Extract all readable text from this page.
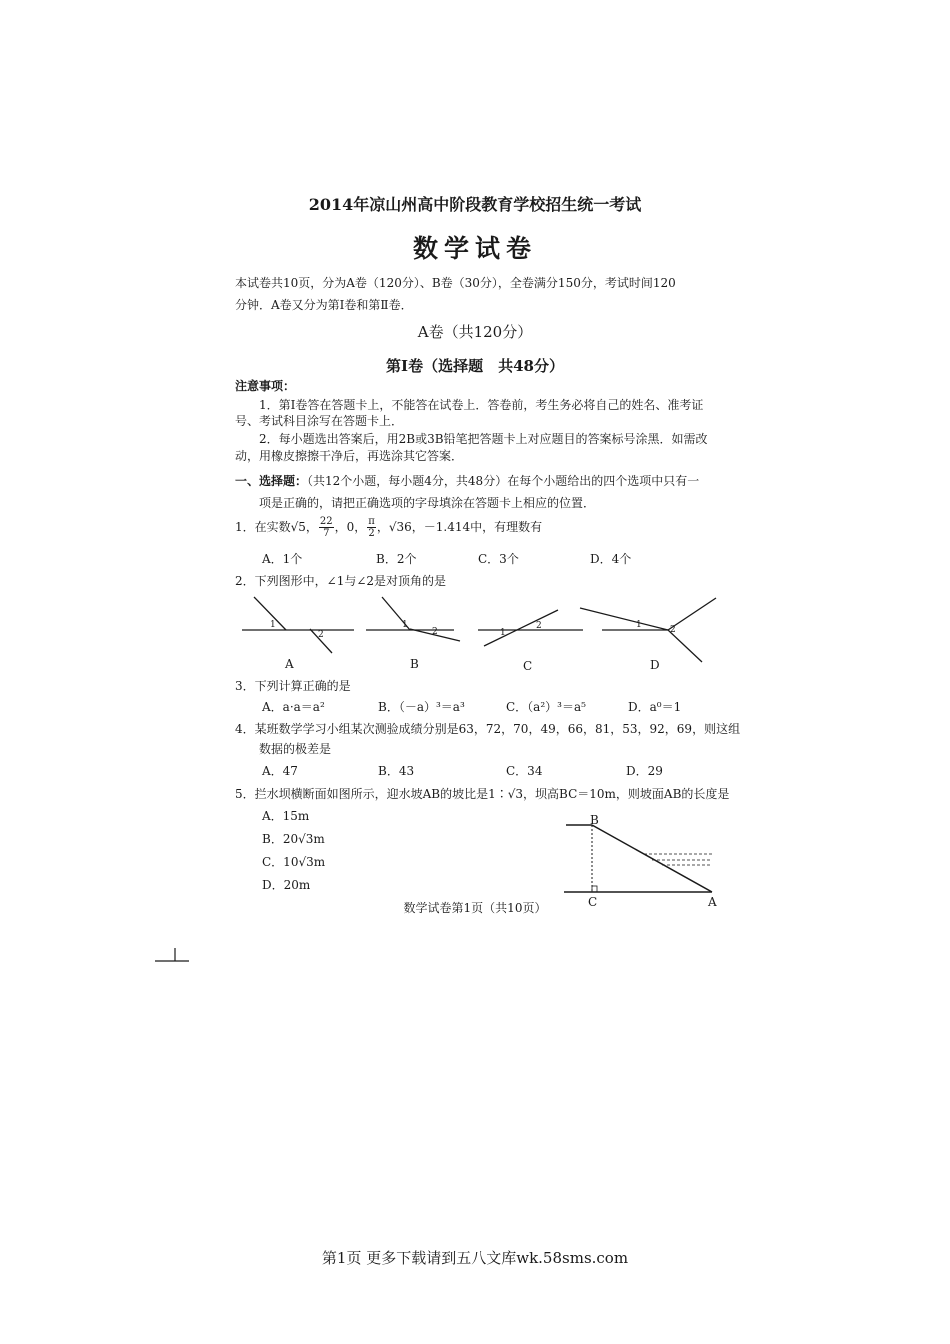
2014年凉山州高中阶段教育学校招生统一考试
数学试卷
本试卷共10页，分为A卷（120分）、B卷（30分），全卷满分150分，考试时间120
分钟．A卷又分为第Ⅰ卷和第Ⅱ卷．
A卷（共120分）
第Ⅰ卷（选择题　共48分）
注意事项：
1．第Ⅰ卷答在答题卡上，不能答在试卷上．答卷前，考生务必将自己的姓名、准考证
号、考试科目涂写在答题卡上．
2．每小题选出答案后，用2B或3B铅笔把答题卡上对应题目的答案标号涂黑．如需改
动，用橡皮擦擦干净后，再选涂其它答案．
一、选择题：（共12个小题，每小题4分，共48分）在每个小题给出的四个选项中只有一
项是正确的，请把正确选项的字母填涂在答题卡上相应的位置．
1．在实数√5， $\frac{22}{7}$ ，0， $\frac{\pi}{2}$ ，√36，－1.414中，有理数有
A．1个	B．2个	C．3个	D．4个
2．下列图形中，∠1与∠2是对顶角的是
1
2
A
1
2
B
1
2
C
1	2
D
3．下列计算正确的是
A．a·a＝a²	B．（－a）³＝a³	C．（a²）³＝a⁵	D．a⁰＝1
4．某班数学学习小组某次测验成绩分别是63，72，70，49，66，81，53，92，69，则这组
数据的极差是
A．47	B．43	C．34	D．29
5．拦水坝横断面如图所示，迎水坡AB的坡比是1∶√3，坝高BC＝10m，则坡面AB的长度是
A．15m
B．20√3m
C．10√3m
D．20m
B
C	A
数学试卷第1页（共10页）
第1页 更多下载请到五八文库wk.58sms.com
